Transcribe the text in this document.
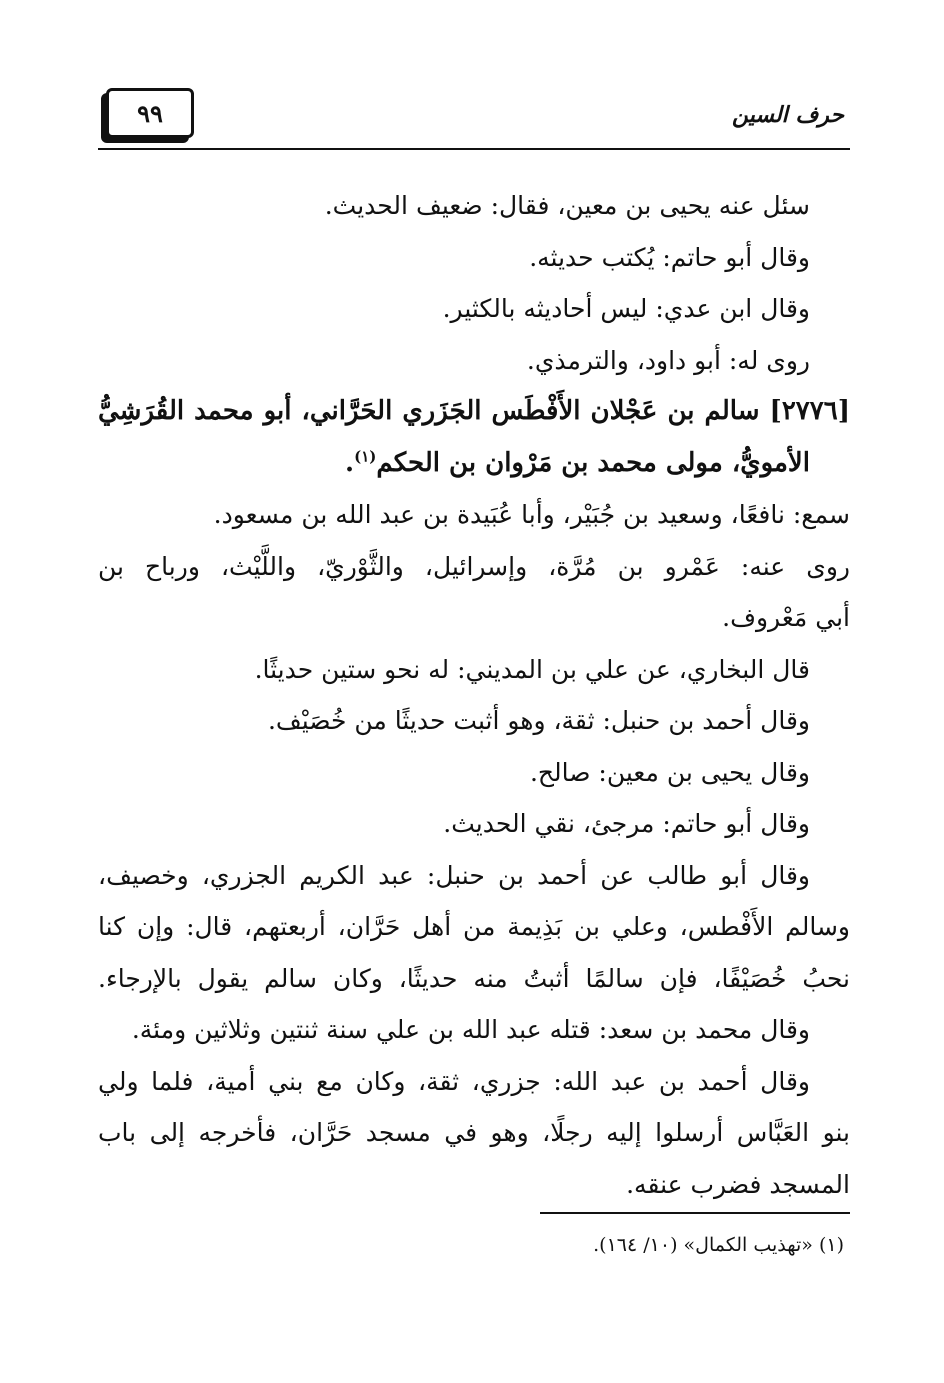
٩٩	حرف السين
سئل عنه يحيى بن معين، فقال: ضعيف الحديث.
وقال أبو حاتم: يُكتب حديثه.
وقال ابن عدي: ليس أحاديثه بالكثير.
روى له: أبو داود، والترمذي.
[٢٧٧٦] سالم بن عَجْلان الأَفْطَس الجَزَري الحَرَّاني، أبو محمد القُرَشِيُّ
الأمويُّ، مولى محمد بن مَرْوان بن الحكم$^{(١)}$.
سمع: نافعًا، وسعيد بن جُبَيْر، وأبا عُبَيدة بن عبد الله بن مسعود.
روى عنه: عَمْرو بن مُرَّة، وإسرائيل، والثَّوْريّ، واللَّيْث، ورباح بن
أبي مَعْروف.
قال البخاري، عن علي بن المديني: له نحو ستين حديثًا.
وقال أحمد بن حنبل: ثقة، وهو أثبت حديثًا من خُصَيْف.
وقال يحيى بن معين: صالح.
وقال أبو حاتم: مرجئ، نقي الحديث.
وقال أبو طالب عن أحمد بن حنبل: عبد الكريم الجزري، وخصيف،
وسالم الأَفْطس، وعلي بن بَذِيمة من أهل حَرَّان، أربعتهم، قال: وإن كنا
نحبُ خُصَيْفًا، فإن سالمًا أثبتُ منه حديثًا، وكان سالم يقول بالإرجاء.
وقال محمد بن سعد: قتله عبد الله بن علي سنة ثنتين وثلاثين ومئة.
وقال أحمد بن عبد الله: جزري، ثقة، وكان مع بني أمية، فلما ولي
بنو العَبَّاس أرسلوا إليه رجلًا، وهو في مسجد حَرَّان، فأخرجه إلى باب
المسجد فضرب عنقه.
(١) «تهذيب الكمال» (١٠/ ١٦٤).
